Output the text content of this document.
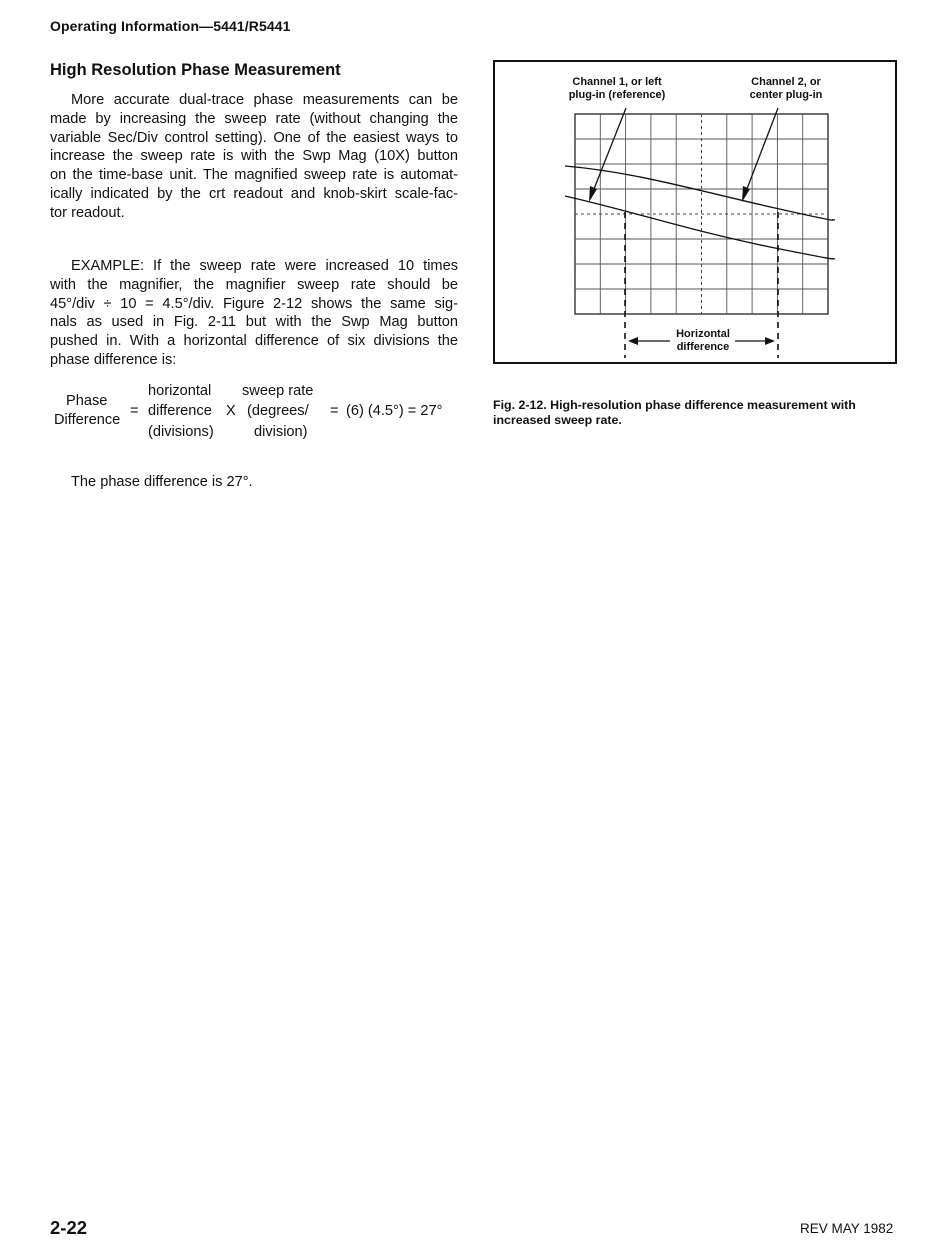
Operating Information—5441/R5441
High Resolution Phase Measurement
More accurate dual-trace phase measurements can be
made by increasing the sweep rate (without changing the
variable Sec/Div control setting). One of the easiest ways to
increase the sweep rate is with the Swp Mag (10X) button
on the time-base unit. The magnified sweep rate is automat-
ically indicated by the crt readout and knob-skirt scale-fac-
tor readout.
EXAMPLE: If the sweep rate were increased 10 times
with the magnifier, the magnifier sweep rate should be
45°/div ÷ 10 = 4.5°/div. Figure 2-12 shows the same sig-
nals as used in Fig. 2-11 but with the Swp Mag button
pushed in. With a horizontal difference of six divisions the
phase difference is:
Phase
Difference
=
horizontal
difference
(divisions)
X
sweep rate
(degrees/
division)
= (6) (4.5°) = 27°
The phase difference is 27°.
Channel 1, or left
plug-in (reference)
Channel 2, or
center plug-in
Horizontal
difference
Fig. 2-12. High-resolution phase difference measurement with increased sweep rate.
2-22	REV MAY 1982
